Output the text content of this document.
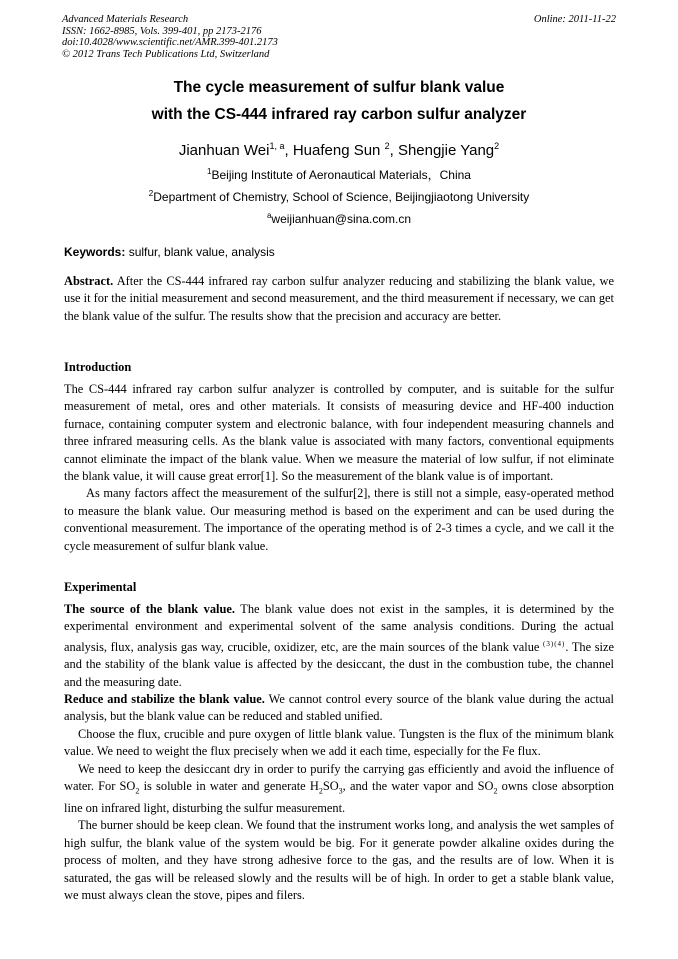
Advanced Materials Research
ISSN: 1662-8985, Vols. 399-401, pp 2173-2176
doi:10.4028/www.scientific.net/AMR.399-401.2173
© 2012 Trans Tech Publications Ltd, Switzerland
Online: 2011-11-22
The cycle measurement of sulfur blank value
with the CS-444 infrared ray carbon sulfur analyzer
Jianhuan Wei$^{1, a}$, Huafeng Sun $^2$, Shengjie Yang$^2$
$^1$Beijing Institute of Aeronautical Materials，China
$^2$Department of Chemistry, School of Science, Beijingjiaotong University
$^a$weijianhuan@sina.com.cn
Keywords: sulfur, blank value, analysis

Abstract. After the CS-444 infrared ray carbon sulfur analyzer reducing and stabilizing the blank value, we use it for the initial measurement and second measurement, and the third measurement if necessary, we can get the blank value of the sulfur. The results show that the precision and accuracy are better.

Introduction

The CS-444 infrared ray carbon sulfur analyzer is controlled by computer, and is suitable for the sulfur measurement of metal, ores and other materials. It consists of measuring device and HF-400 induction furnace, containing computer system and electronic balance, with four independent measuring channels and three infrared measuring cells. As the blank value is associated with many factors, conventional equipments cannot eliminate the impact of the blank value. When we measure the material of low sulfur, if not eliminate the blank value, it will cause great error[1]. So the measurement of the blank value is of important.

As many factors affect the measurement of the sulfur[2], there is still not a simple, easy-operated method to measure the blank value. Our measuring method is based on the experiment and can be used during the conventional measurement. The importance of the operating method is of 2-3 times a cycle, and we call it the cycle measurement of sulfur blank value.

Experimental

The source of the blank value. The blank value does not exist in the samples, it is determined by the experimental environment and experimental solvent of the same analysis conditions. During the actual analysis, flux, analysis gas way, crucible, oxidizer, etc, are the main sources of the blank value $^{(3)(4)}$. The size and the stability of the blank value is affected by the desiccant, the dust in the combustion tube, the channel and the measuring date.

Reduce and stabilize the blank value. We cannot control every source of the blank value during the actual analysis, but the blank value can be reduced and stabled unified.

Choose the flux, crucible and pure oxygen of little blank value. Tungsten is the flux of the minimum blank value. We need to weight the flux precisely when we add it each time, especially for the Fe flux.

We need to keep the desiccant dry in order to purify the carrying gas efficiently and avoid the influence of water. For $SO_2$ is soluble in water and generate $H_2SO_3$, and the water vapor and $SO_2$ owns close absorption line on infrared light, disturbing the sulfur measurement.

The burner should be keep clean. We found that the instrument works long, and analysis the wet samples of high sulfur, the blank value of the system would be big. For it generate powder alkaline oxides during the process of molten, and they have strong adhesive force to the gas, and the results are of low. When it is saturated, the gas will be released slowly and the results will be of high. In order to get a stable blank value, we must always clean the stove, pipes and filers.
